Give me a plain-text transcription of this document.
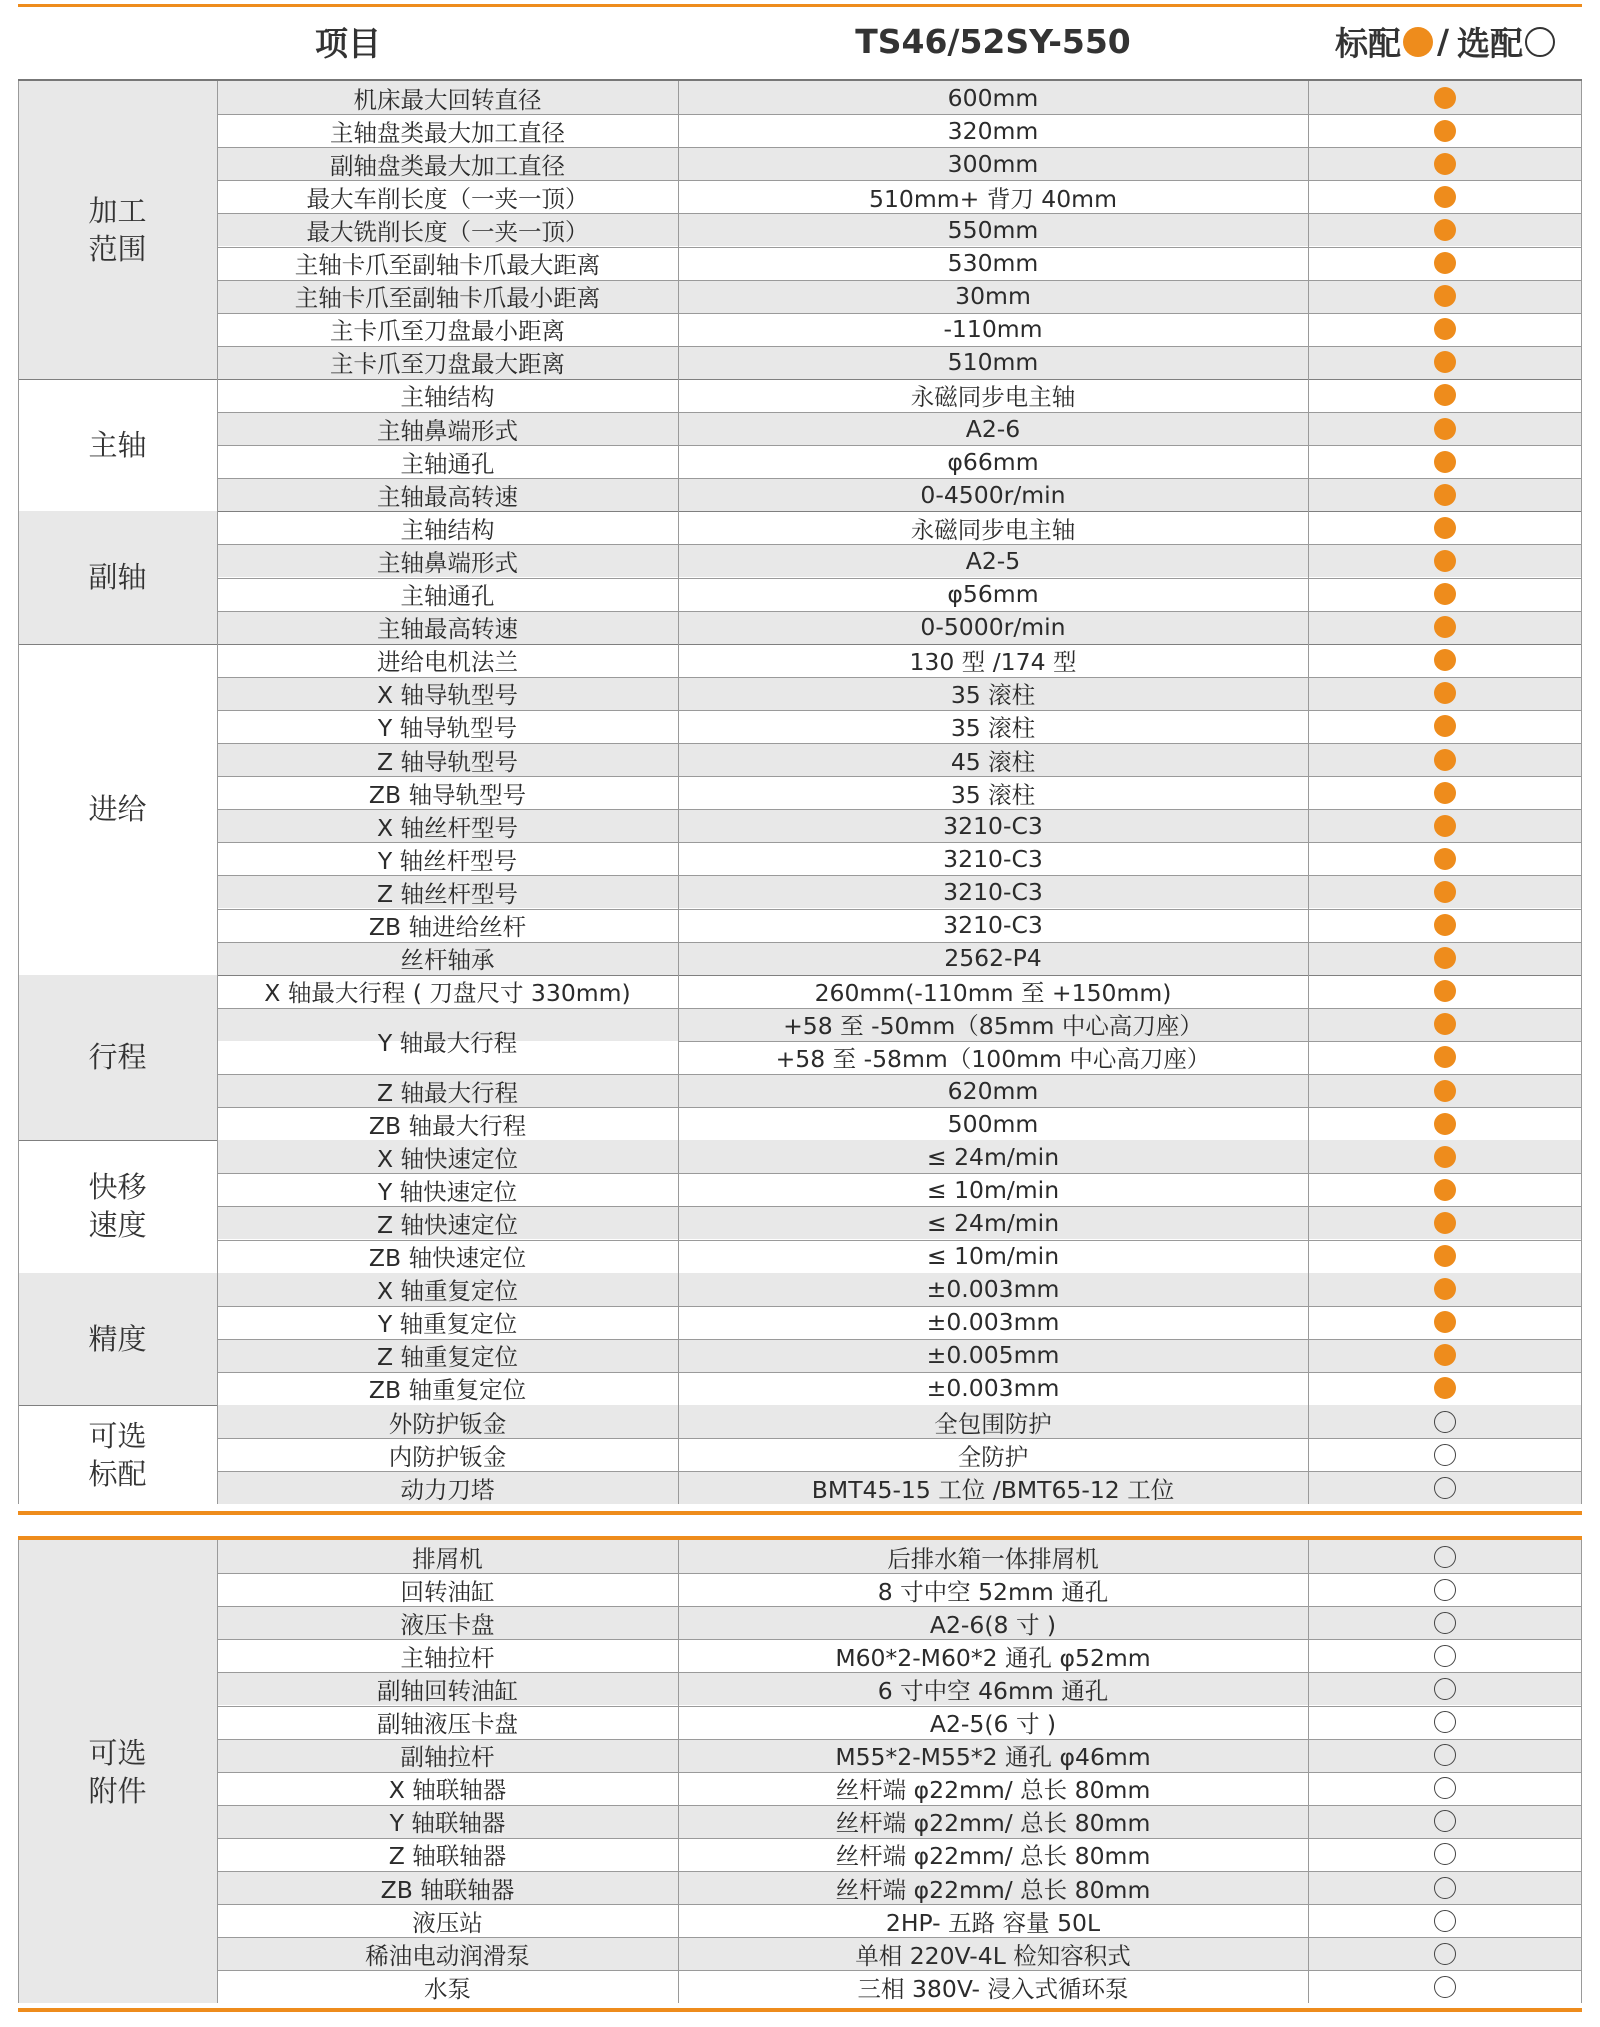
项目	TS46/52SY-550	标配 / 选配
加工
范围
机床最大回转直径	600mm
主轴盘类最大加工直径	320mm
副轴盘类最大加工直径	300mm
最大车削长度（一夹一顶）	510mm+ 背刀 40mm
最大铣削长度（一夹一顶）	550mm
主轴卡爪至副轴卡爪最大距离	530mm
主轴卡爪至副轴卡爪最小距离	30mm
主卡爪至刀盘最小距离	-110mm
主卡爪至刀盘最大距离	510mm
主轴
主轴结构	永磁同步电主轴
主轴鼻端形式	A2-6
主轴通孔	φ66mm
主轴最高转速	0-4500r/min
副轴
主轴结构	永磁同步电主轴
主轴鼻端形式	A2-5
主轴通孔	φ56mm
主轴最高转速	0-5000r/min
进给
进给电机法兰	130 型 /174 型
X 轴导轨型号	35 滚柱
Y 轴导轨型号	35 滚柱
Z 轴导轨型号	45 滚柱
ZB 轴导轨型号	35 滚柱
X 轴丝杆型号	3210-C3
Y 轴丝杆型号	3210-C3
Z 轴丝杆型号	3210-C3
ZB 轴进给丝杆	3210-C3
丝杆轴承	2562-P4
行程
X 轴最大行程 ( 刀盘尺寸 330mm)	260mm(-110mm 至 +150mm)
Y 轴最大行程
+58 至 -50mm（85mm 中心高刀座）
+58 至 -58mm（100mm 中心高刀座）
Z 轴最大行程	620mm
ZB 轴最大行程	500mm
快移
速度
X 轴快速定位	≤ 24m/min
Y 轴快速定位	≤ 10m/min
Z 轴快速定位	≤ 24m/min
ZB 轴快速定位	≤ 10m/min
精度
X 轴重复定位	±0.003mm
Y 轴重复定位	±0.003mm
Z 轴重复定位	±0.005mm
ZB 轴重复定位	±0.003mm
可选
标配
外防护钣金	全包围防护
内防护钣金	全防护
动力刀塔	BMT45-15 工位 /BMT65-12 工位
可选
附件
排屑机	后排水箱一体排屑机
回转油缸	8 寸中空 52mm 通孔
液压卡盘	A2-6(8 寸 )
主轴拉杆	M60*2-M60*2 通孔 φ52mm
副轴回转油缸	6 寸中空 46mm 通孔
副轴液压卡盘	A2-5(6 寸 )
副轴拉杆	M55*2-M55*2 通孔 φ46mm
X 轴联轴器	丝杆端 φ22mm/ 总长 80mm
Y 轴联轴器	丝杆端 φ22mm/ 总长 80mm
Z 轴联轴器	丝杆端 φ22mm/ 总长 80mm
ZB 轴联轴器	丝杆端 φ22mm/ 总长 80mm
液压站	2HP- 五路 容量 50L
稀油电动润滑泵	单相 220V-4L 检知容积式
水泵	三相 380V- 浸入式循环泵
